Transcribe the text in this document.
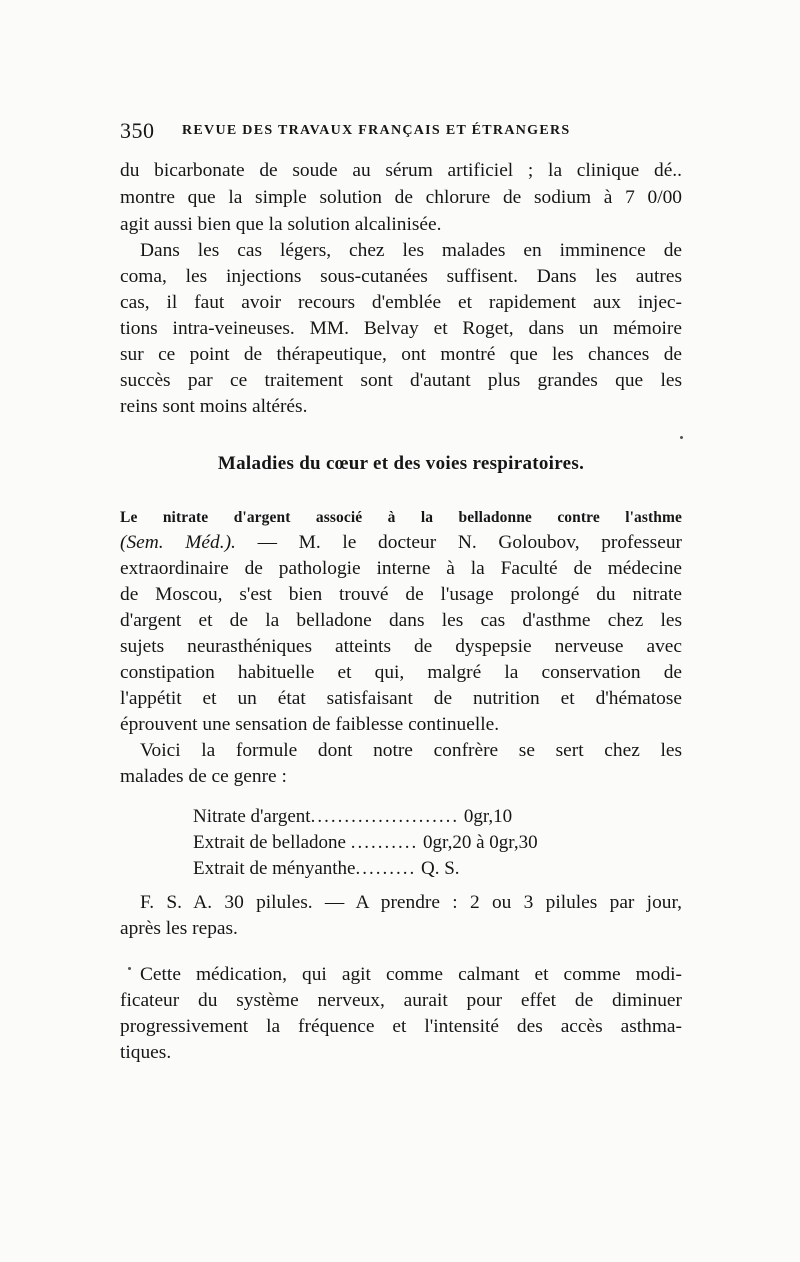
350 REVUE DES TRAVAUX FRANÇAIS ET ÉTRANGERS
du bicarbonate de soude au sérum artificiel ; la clinique dé..
montre que la simple solution de chlorure de sodium à 7 0/00
agit aussi bien que la solution alcalinisée.
Dans les cas légers, chez les malades en imminence de
coma, les injections sous-cutanées suffisent. Dans les autres
cas, il faut avoir recours d'emblée et rapidement aux injec-
tions intra-veineuses. MM. Belvay et Roget, dans un mémoire
sur ce point de thérapeutique, ont montré que les chances de
succès par ce traitement sont d'autant plus grandes que les
reins sont moins altérés.
Maladies du cœur et des voies respiratoires.
Le nitrate d'argent associé à la belladonne contre l'asthme
(Sem. Méd.). — M. le docteur N. Goloubov, professeur
extraordinaire de pathologie interne à la Faculté de médecine
de Moscou, s'est bien trouvé de l'usage prolongé du nitrate
d'argent et de la belladone dans les cas d'asthme chez les
sujets neurasthéniques atteints de dyspepsie nerveuse avec
constipation habituelle et qui, malgré la conservation de
l'appétit et un état satisfaisant de nutrition et d'hématose
éprouvent une sensation de faiblesse continuelle.
Voici la formule dont notre confrère se sert chez les
malades de ce genre :
Nitrate d'argent...................... 0gr,10
Extrait de belladone .......... 0gr,20 à 0gr,30
Extrait de ményanthe......... Q. S.
F. S. A. 30 pilules. — A prendre : 2 ou 3 pilules par jour,
après les repas.
Cette médication, qui agit comme calmant et comme modi-
ficateur du système nerveux, aurait pour effet de diminuer
progressivement la fréquence et l'intensité des accès asthma-
tiques.
